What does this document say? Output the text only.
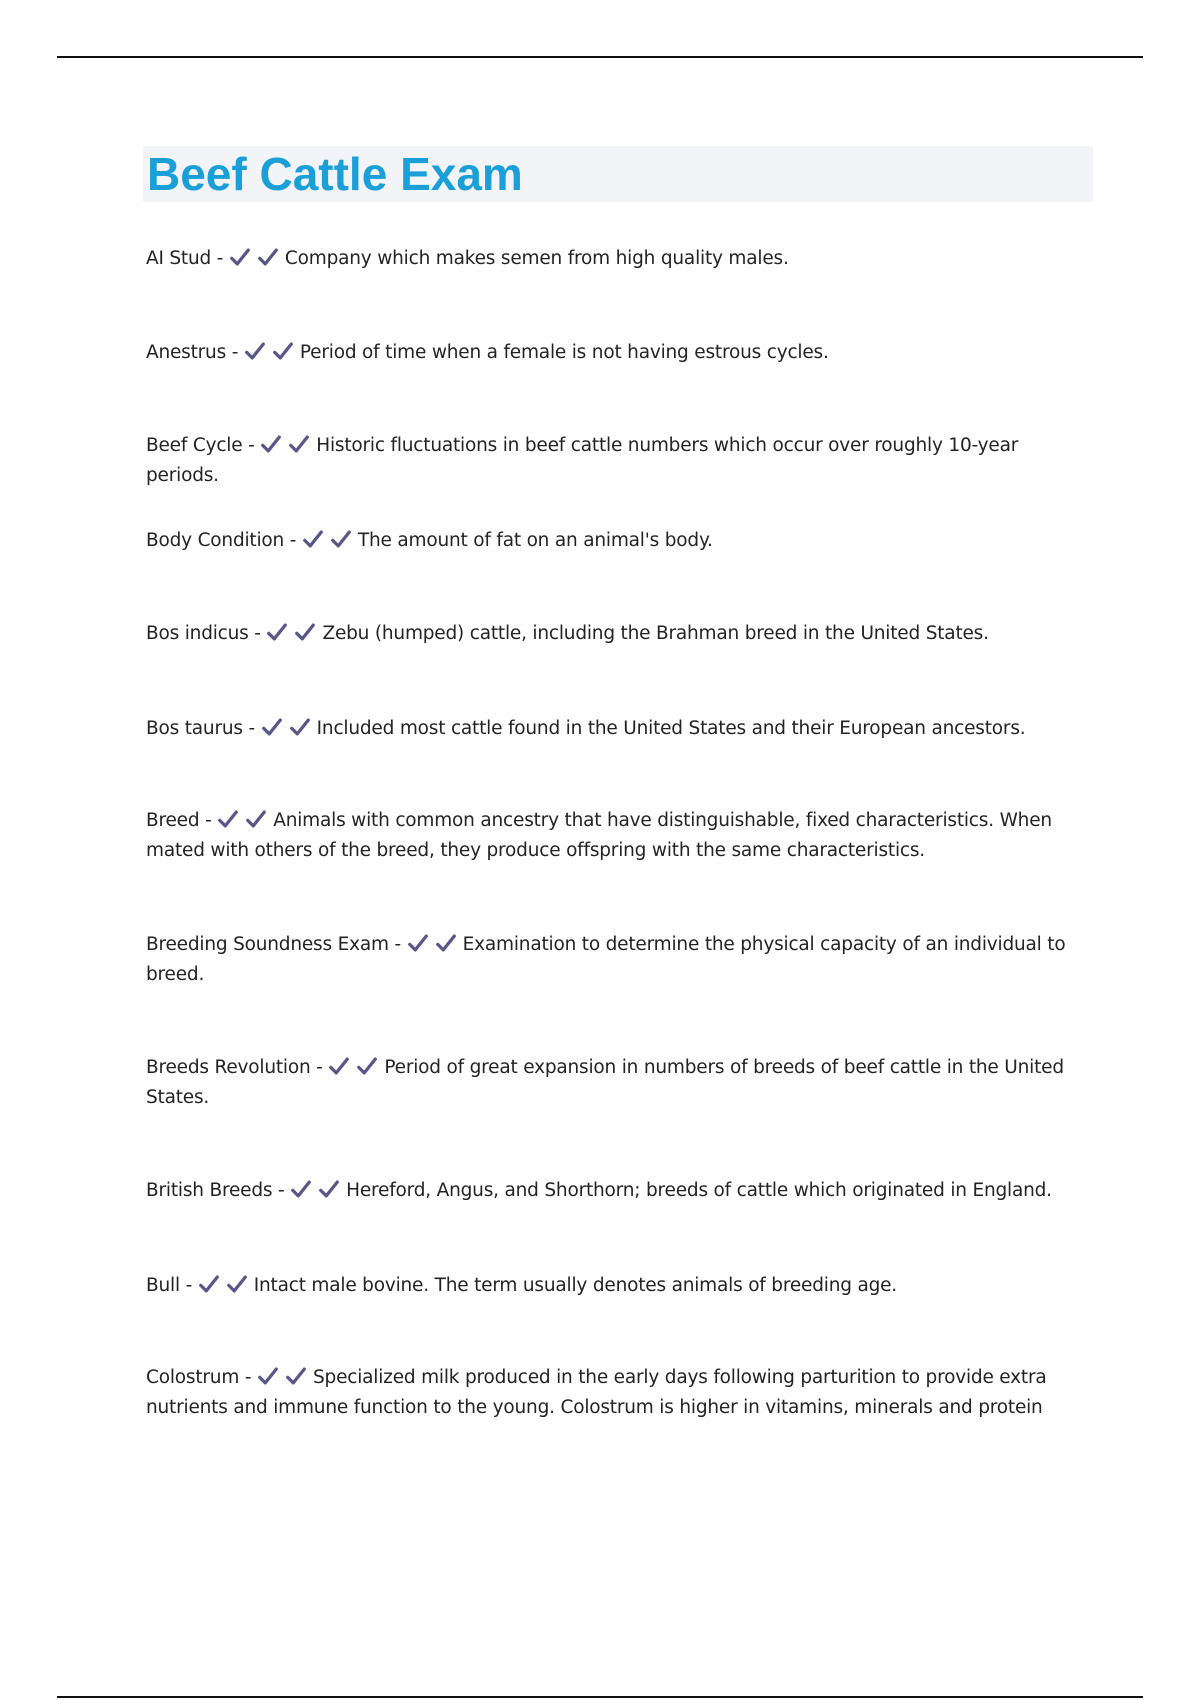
Beef Cattle Exam

AI Stud -	Company which makes semen from high quality males.

Anestrus -	Period of time when a female is not having estrous cycles.

Beef Cycle -	Historic fluctuations in beef cattle numbers which occur over roughly 10-year periods.

Body Condition -	The amount of fat on an animal's body.

Bos indicus -	Zebu (humped) cattle, including the Brahman breed in the United States.

Bos taurus -	Included most cattle found in the United States and their European ancestors.

Breed -	Animals with common ancestry that have distinguishable, fixed characteristics. When mated with others of the breed, they produce offspring with the same characteristics.

Breeding Soundness Exam -	Examination to determine the physical capacity of an individual to breed.

Breeds Revolution -	Period of great expansion in numbers of breeds of beef cattle in the United States.

British Breeds -	Hereford, Angus, and Shorthorn; breeds of cattle which originated in England.

Bull -	Intact male bovine. The term usually denotes animals of breeding age.

Colostrum -	Specialized milk produced in the early days following parturition to provide extra nutrients and immune function to the young. Colostrum is higher in vitamins, minerals and protein
